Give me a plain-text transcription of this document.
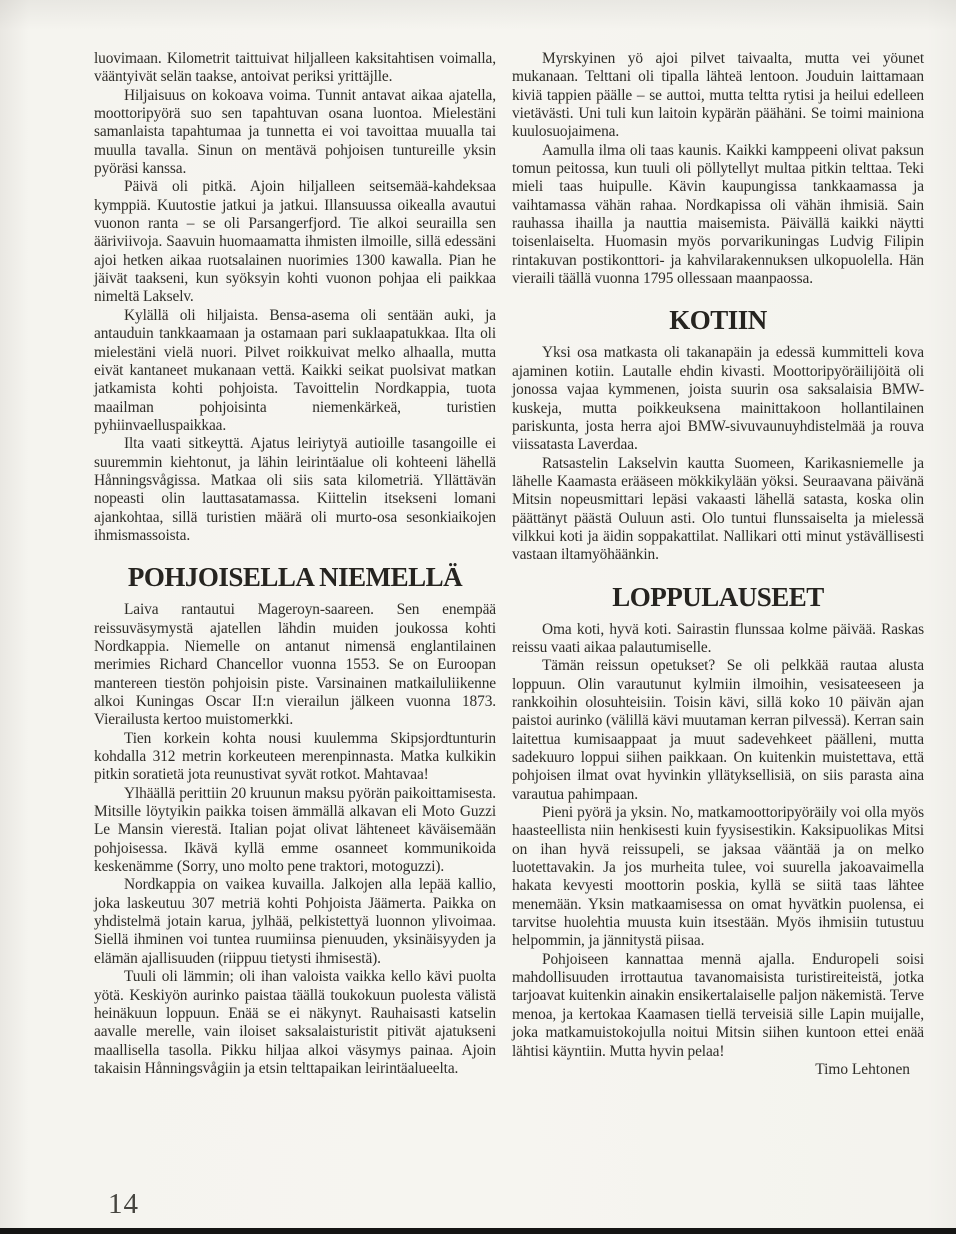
luovimaan. Kilometrit taittuivat hiljalleen kaksitahtisen voimalla, vääntyivät selän taakse, antoivat periksi yrittäjlle.

Hiljaisuus on kokoava voima. Tunnit antavat aikaa ajatella, moottoripyörä suo sen tapahtuvan osana luontoa. Mielestäni samanlaista tapahtumaa ja tunnetta ei voi tavoittaa muualla tai muulla tavalla. Sinun on mentävä pohjoisen tuntureille yksin pyöräsi kanssa.

Päivä oli pitkä. Ajoin hiljalleen seitsemää-kahdeksaa kymppiä. Kuutostie jatkui ja jatkui. Illansuussa oikealla avautui vuonon ranta – se oli Parsangerfjord. Tie alkoi seurailla sen ääriviivoja. Saavuin huomaamatta ihmisten ilmoille, sillä edessäni ajoi hetken aikaa ruotsalainen nuorimies 1300 kawalla. Pian he jäivät taakseni, kun syöksyin kohti vuonon pohjaa eli paikkaa nimeltä Lakselv.

Kylällä oli hiljaista. Bensa-asema oli sentään auki, ja antauduin tankkaamaan ja ostamaan pari suklaapatukkaa. Ilta oli mielestäni vielä nuori. Pilvet roikkuivat melko alhaalla, mutta eivät kantaneet mukanaan vettä. Kaikki seikat puolsivat matkan jatkamista kohti pohjoista. Tavoittelin Nordkappia, tuota maailman pohjoisinta niemenkärkeä, turistien pyhiinvaelluspaikkaa.

Ilta vaati sitkeyttä. Ajatus leiriytyä autioille tasangoille ei suuremmin kiehtonut, ja lähin leirintäalue oli kohteeni lähellä Hånningsvågissa. Matkaa oli siis sata kilometriä. Yllättävän nopeasti olin lauttasatamassa. Kiittelin itsekseni lomani ajankohtaa, sillä turistien määrä oli murto-osa sesonkiaikojen ihmismassoista.

POHJOISELLA NIEMELLÄ

Laiva rantautui Mageroyn-saareen. Sen enempää reissuväsymystä ajatellen lähdin muiden joukossa kohti Nordkappia. Niemelle on antanut nimensä englantilainen merimies Richard Chancellor vuonna 1553. Se on Euroopan mantereen tiestön pohjoisin piste. Varsinainen matkailuliikenne alkoi Kuningas Oscar II:n vierailun jälkeen vuonna 1873. Vierailusta kertoo muistomerkki.

Tien korkein kohta nousi kuulemma Skipsjordtunturin kohdalla 312 metrin korkeuteen merenpinnasta. Matka kulkikin pitkin soratietä jota reunustivat syvät rotkot. Mahtavaa!

Ylhäällä perittiin 20 kruunun maksu pyörän paikoittamisesta. Mitsille löytyikin paikka toisen ämmällä alkavan eli Moto Guzzi Le Mansin vierestä. Italian pojat olivat lähteneet käväisemään pohjoisessa. Ikävä kyllä emme osanneet kommunikoida keskenämme (Sorry, uno molto pene traktori, motoguzzi).

Nordkappia on vaikea kuvailla. Jalkojen alla lepää kallio, joka laskeutuu 307 metriä kohti Pohjoista Jäämerta. Paikka on yhdistelmä jotain karua, jylhää, pelkistettyä luonnon ylivoimaa. Siellä ihminen voi tuntea ruumiinsa pienuuden, yksinäisyyden ja elämän ajallisuuden (riippuu tietysti ihmisestä).

Tuuli oli lämmin; oli ihan valoista vaikka kello kävi puolta yötä. Keskiyön aurinko paistaa täällä toukokuun puolesta välistä heinäkuun loppuun. Enää se ei näkynyt. Rauhaisasti katselin aavalle merelle, vain iloiset saksalaisturistit pitivät ajatukseni maallisella tasolla. Pikku hiljaa alkoi väsymys painaa. Ajoin takaisin Hånningsvågiin ja etsin telttapaikan leirintäalueelta.

Myrskyinen yö ajoi pilvet taivaalta, mutta vei yöunet mukanaan. Telttani oli tipalla lähteä lentoon. Jouduin laittamaan kiviä tappien päälle – se auttoi, mutta teltta rytisi ja heilui edelleen vietävästi. Uni tuli kun laitoin kypärän päähäni. Se toimi mainiona kuulosuojaimena.

Aamulla ilma oli taas kaunis. Kaikki kamppeeni olivat paksun tomun peitossa, kun tuuli oli pöllytellyt multaa pitkin telttaa. Teki mieli taas huipulle. Kävin kaupungissa tankkaamassa ja vaihtamassa vähän rahaa. Nordkapissa oli vähän ihmisiä. Sain rauhassa ihailla ja nauttia maisemista. Päivällä kaikki näytti toisenlaiselta. Huomasin myös porvarikuningas Ludvig Filipin rintakuvan postikonttori- ja kahvilarakennuksen ulkopuolella. Hän vieraili täällä vuonna 1795 ollessaan maanpaossa.

KOTIIN

Yksi osa matkasta oli takanapäin ja edessä kummitteli kova ajaminen kotiin. Lautalle ehdin kivasti. Moottoripyöräilijöitä oli jonossa vajaa kymmenen, joista suurin osa saksalaisia BMW-kuskeja, mutta poikkeuksena mainittakoon hollantilainen pariskunta, josta herra ajoi BMW-sivuvaunuyhdistelmää ja rouva viissatasta Laverdaa.

Ratsastelin Lakselvin kautta Suomeen, Karikasniemelle ja lähelle Kaamasta erääseen mökkikylään yöksi. Seuraavana päivänä Mitsin nopeusmittari lepäsi vakaasti lähellä satasta, koska olin päättänyt päästä Ouluun asti. Olo tuntui flunssaiselta ja mielessä vilkkui koti ja äidin soppakattilat. Nallikari otti minut ystävällisesti vastaan iltamyöhäänkin.

LOPPULAUSEET

Oma koti, hyvä koti. Sairastin flunssaa kolme päivää. Raskas reissu vaati aikaa palautumiselle.

Tämän reissun opetukset? Se oli pelkkää rautaa alusta loppuun. Olin varautunut kylmiin ilmoihin, vesisateeseen ja rankkoihin olosuhteisiin. Toisin kävi, sillä koko 10 päivän ajan paistoi aurinko (välillä kävi muutaman kerran pilvessä). Kerran sain laitettua kumisaappaat ja muut sadevehkeet päälleni, mutta sadekuuro loppui siihen paikkaan. On kuitenkin muistettava, että pohjoisen ilmat ovat hyvinkin yllätyksellisiä, on siis parasta aina varautua pahimpaan.

Pieni pyörä ja yksin. No, matkamoottoripyöräily voi olla myös haasteellista niin henkisesti kuin fyysisestikin. Kaksipuolikas Mitsi on ihan hyvä reissupeli, se jaksaa vääntää ja on melko luotettavakin. Ja jos murheita tulee, voi suurella jakoavaimella hakata kevyesti moottorin poskia, kyllä se siitä taas lähtee menemään. Yksin matkaamisessa on omat hyvätkin puolensa, ei tarvitse huolehtia muusta kuin itsestään. Myös ihmisiin tutustuu helpommin, ja jännitystä piisaa.

Pohjoiseen kannattaa mennä ajalla. Enduropeli soisi mahdollisuuden irrottautua tavanomaisista turistireiteistä, jotka tarjoavat kuitenkin ainakin ensikertalaiselle paljon näkemistä. Terve menoa, ja kertokaa Kaamasen tiellä terveisiä sille Lapin muijalle, joka matkamuistokojulla noitui Mitsin siihen kuntoon ettei enää lähtisi käyntiin. Mutta hyvin pelaa!

Timo Lehtonen

14
